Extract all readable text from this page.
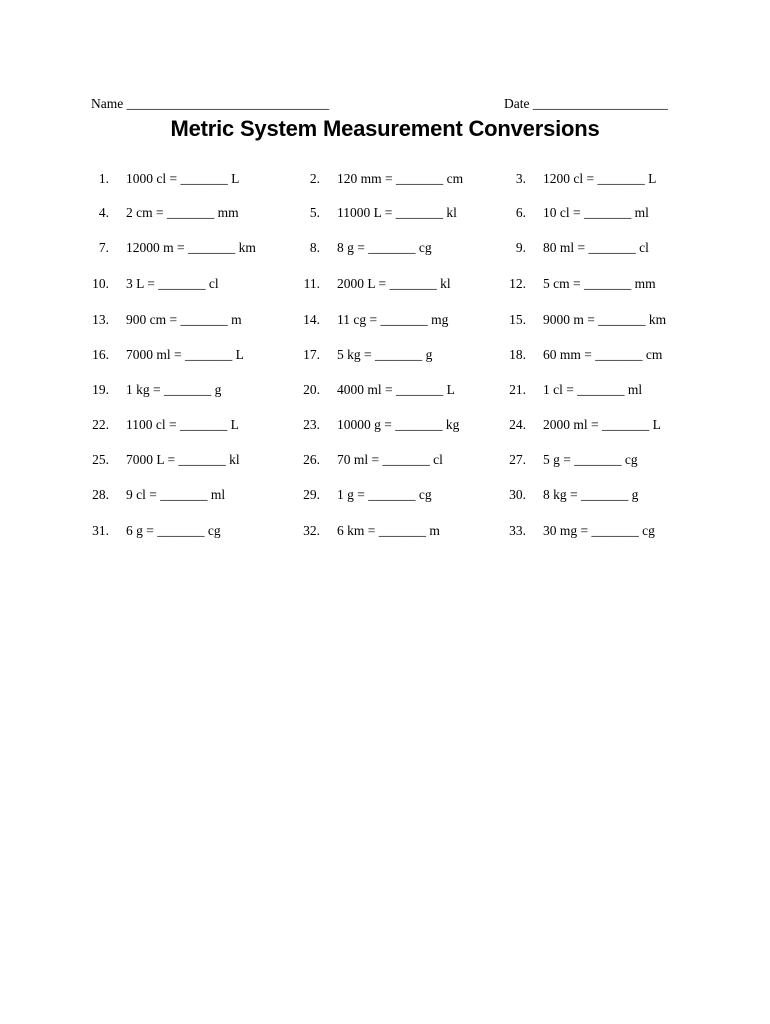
Name ______________________________	Date ____________________
Metric System Measurement Conversions
1. 1000 cl = _______ L	2. 120 mm = _______ cm	3. 1200 cl = _______ L
4. 2 cm = _______ mm	5. 11000 L = _______ kl	6. 10 cl = _______ ml
7. 12000 m = _______ km	8. 8 g = _______ cg	9. 80 ml = _______ cl
10. 3 L = _______ cl	11. 2000 L = _______ kl	12. 5 cm = _______ mm
13. 900 cm = _______ m	14. 11 cg = _______ mg	15. 9000 m = _______ km
16. 7000 ml = _______ L	17. 5 kg = _______ g	18. 60 mm = _______ cm
19. 1 kg = _______ g	20. 4000 ml = _______ L	21. 1 cl = _______ ml
22. 1100 cl = _______ L	23. 10000 g = _______ kg	24. 2000 ml = _______ L
25. 7000 L = _______ kl	26. 70 ml = _______ cl	27. 5 g = _______ cg
28. 9 cl = _______ ml	29. 1 g = _______ cg	30. 8 kg = _______ g
31. 6 g = _______ cg	32. 6 km = _______ m	33. 30 mg = _______ cg
